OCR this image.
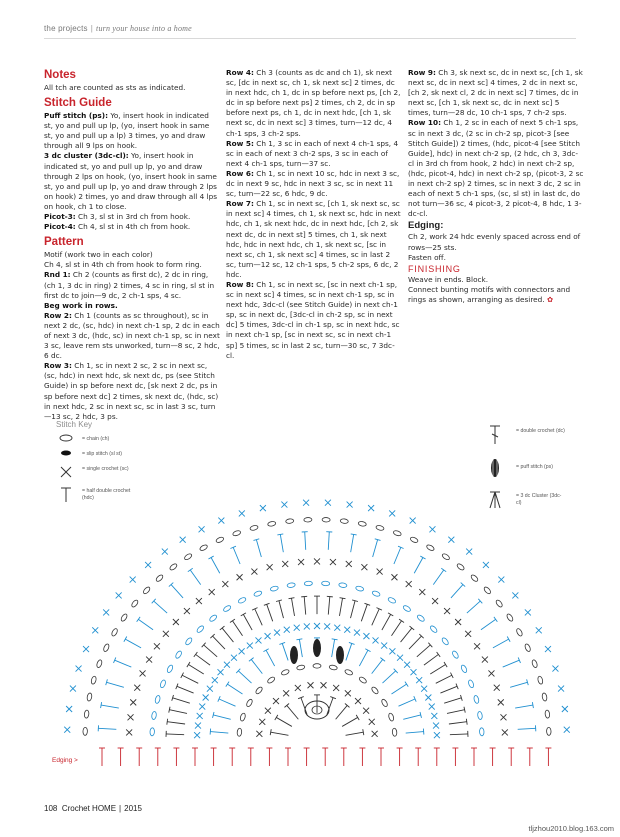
the projects | turn your house into a home

Notes

All tch are counted as sts as indicated.

Stitch Guide

Puff stitch (ps): Yo, insert hook in indicated st, yo and pull up lp, (yo, insert hook in same st, yo and pull up a lp) 3 times, yo and draw through all 9 lps on hook.

3 dc cluster (3dc-cl): Yo, insert hook in indicated st, yo and pull up lp, yo and draw through 2 lps on hook, (yo, insert hook in same st, yo and pull up lp, yo and draw through 2 lps on hook) 2 times, yo and draw through all 4 lps on hook, ch 1 to close.

Picot-3: Ch 3, sl st in 3rd ch from hook.

Picot-4: Ch 4, sl st in 4th ch from hook.

Pattern

Motif (work two in each color)

Ch 4, sl st in 4th ch from hook to form ring.

Rnd 1: Ch 2 (counts as first dc), 2 dc in ring, (ch 1, 3 dc in ring) 2 times, 4 sc in ring, sl st in first dc to join—9 dc, 2 ch-1 sps, 4 sc.

Beg work in rows.

Row 2: Ch 1 (counts as sc throughout), sc in next 2 dc, (sc, hdc) in next ch-1 sp, 2 dc in each of next 3 dc, (hdc, sc) in next ch-1 sp, sc in next 3 sc, leave rem sts unworked, turn—8 sc, 2 hdc, 6 dc.

Row 3: Ch 1, sc in next 2 sc, 2 sc in next sc, (sc, hdc) in next hdc, sk next dc, ps (see Stitch Guide) in sp before next dc, [sk next 2 dc, ps in sp before next dc] 2 times, sk next dc, (hdc, sc) in next hdc, 2 sc in next sc, sc in last 3 sc, turn—13 sc, 2 hdc, 3 ps.

Row 4: Ch 3 (counts as dc and ch 1), sk next sc, [dc in next sc, ch 1, sk next sc] 2 times, dc in next hdc, ch 1, dc in sp before next ps, [ch 2, dc in sp before next ps] 2 times, ch 2, dc in sp before next ps, ch 1, dc in next hdc, [ch 1, sk next sc, dc in next sc] 3 times, turn—12 dc, 4 ch-1 sps, 3 ch-2 sps.

Row 5: Ch 1, 3 sc in each of next 4 ch-1 sps, 4 sc in each of next 3 ch-2 sps, 3 sc in each of next 4 ch-1 sps, turn—37 sc.

Row 6: Ch 1, sc in next 10 sc, hdc in next 3 sc, dc in next 9 sc, hdc in next 3 sc, sc in next 11 sc, turn—22 sc, 6 hdc, 9 dc.

Row 7: Ch 1, sc in next sc, [ch 1, sk next sc, sc in next sc] 4 times, ch 1, sk next sc, hdc in next hdc, ch 1, sk next hdc, dc in next hdc, [ch 2, sk next dc, dc in next st] 5 times, ch 1, sk next hdc, hdc in next hdc, ch 1, sk next sc, [sc in next sc, ch 1, sk next sc] 4 times, sc in last 2 sc, turn—12 sc, 12 ch-1 sps, 5 ch-2 sps, 6 dc, 2 hdc.

Row 8: Ch 1, sc in next sc, [sc in next ch-1 sp, sc in next sc] 4 times, sc in next ch-1 sp, sc in next hdc, 3dc-cl (see Stitch Guide) in next ch-1 sp, sc in next dc, [3dc-cl in ch-2 sp, sc in next dc] 5 times, 3dc-cl in ch-1 sp, sc in next hdc, sc in next ch-1 sp, [sc in next sc, sc in next ch-1 sp] 5 times, sc in last 2 sc, turn—30 sc, 7 3dc-cl.

Row 9: Ch 3, sk next sc, dc in next sc, [ch 1, sk next sc, dc in next sc] 4 times, 2 dc in next sc, [ch 2, sk next cl, 2 dc in next sc] 7 times, dc in next sc, [ch 1, sk next sc, dc in next sc] 5 times, turn—28 dc, 10 ch-1 sps, 7 ch-2 sps.

Row 10: Ch 1, 2 sc in each of next 5 ch-1 sps, sc in next 3 dc, (2 sc in ch-2 sp, picot-3 [see Stitch Guide]) 2 times, (hdc, picot-4 [see Stitch Guide], hdc) in next ch-2 sp, (2 hdc, ch 3, 3dc-cl in 3rd ch from hook, 2 hdc) in next ch-2 sp, (hdc, picot-4, hdc) in next ch-2 sp, (picot-3, 2 sc in next ch-2 sp) 2 times, sc in next 3 dc, 2 sc in each of next 5 ch-1 sps, (sc, sl st) in last dc, do not turn—36 sc, 4 picot-3, 2 picot-4, 8 hdc, 1 3-dc-cl.

Edging:

Ch 2, work 24 hdc evenly spaced across end of rows—25 sts.

Fasten off.

FINISHING

Weave in ends. Block.

Connect bunting motifs with connectors and rings as shown, arranging as desired. ✿

Stitch Key
= chain (ch)
= slip stitch (sl st)
= single crochet (sc)
= half double crochet (hdc)
= double crochet (dc)
= puff stitch (ps)
= 3 dc Cluster (3dc-cl)
Edging >
108 Crochet HOME | 2015
tljzhou2010.blog.163.com
